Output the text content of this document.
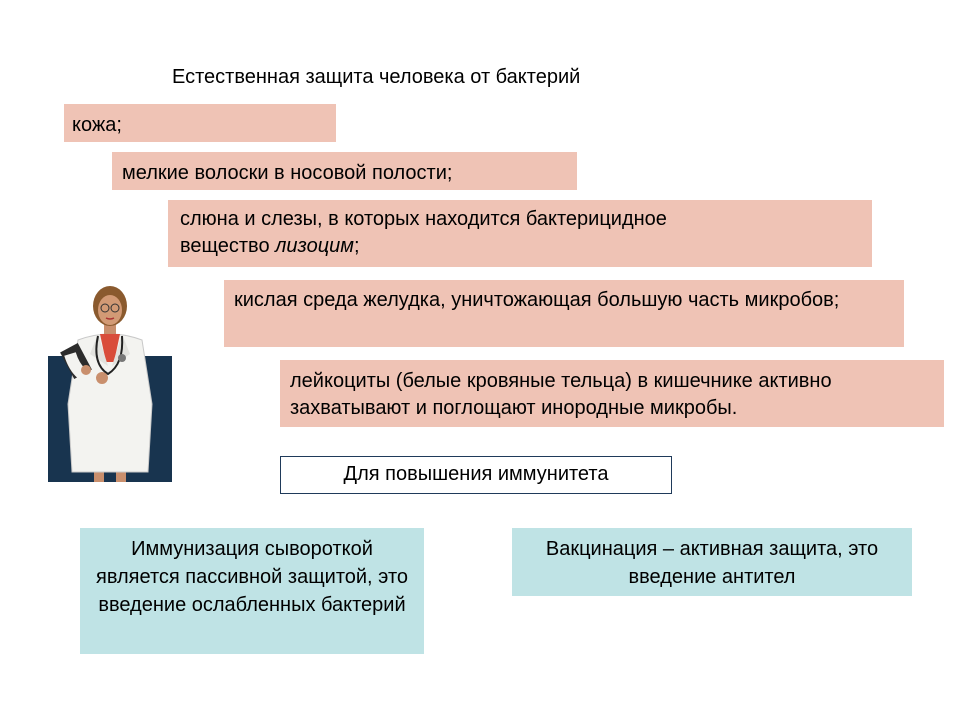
Естественная защита человека от бактерий
кожа;
мелкие волоски в носовой полости;
слюна и слезы, в которых находится бактерицидное
вещество лизоцим;
кислая среда желудка, уничтожающая большую часть микробов;
лейкоциты (белые кровяные тельца) в кишечнике активно захватывают и поглощают инородные микробы.
Для повышения иммунитета
Иммунизация сывороткой является пассивной защитой, это введение ослабленных бактерий
Вакцинация – активная защита, это введение антител
